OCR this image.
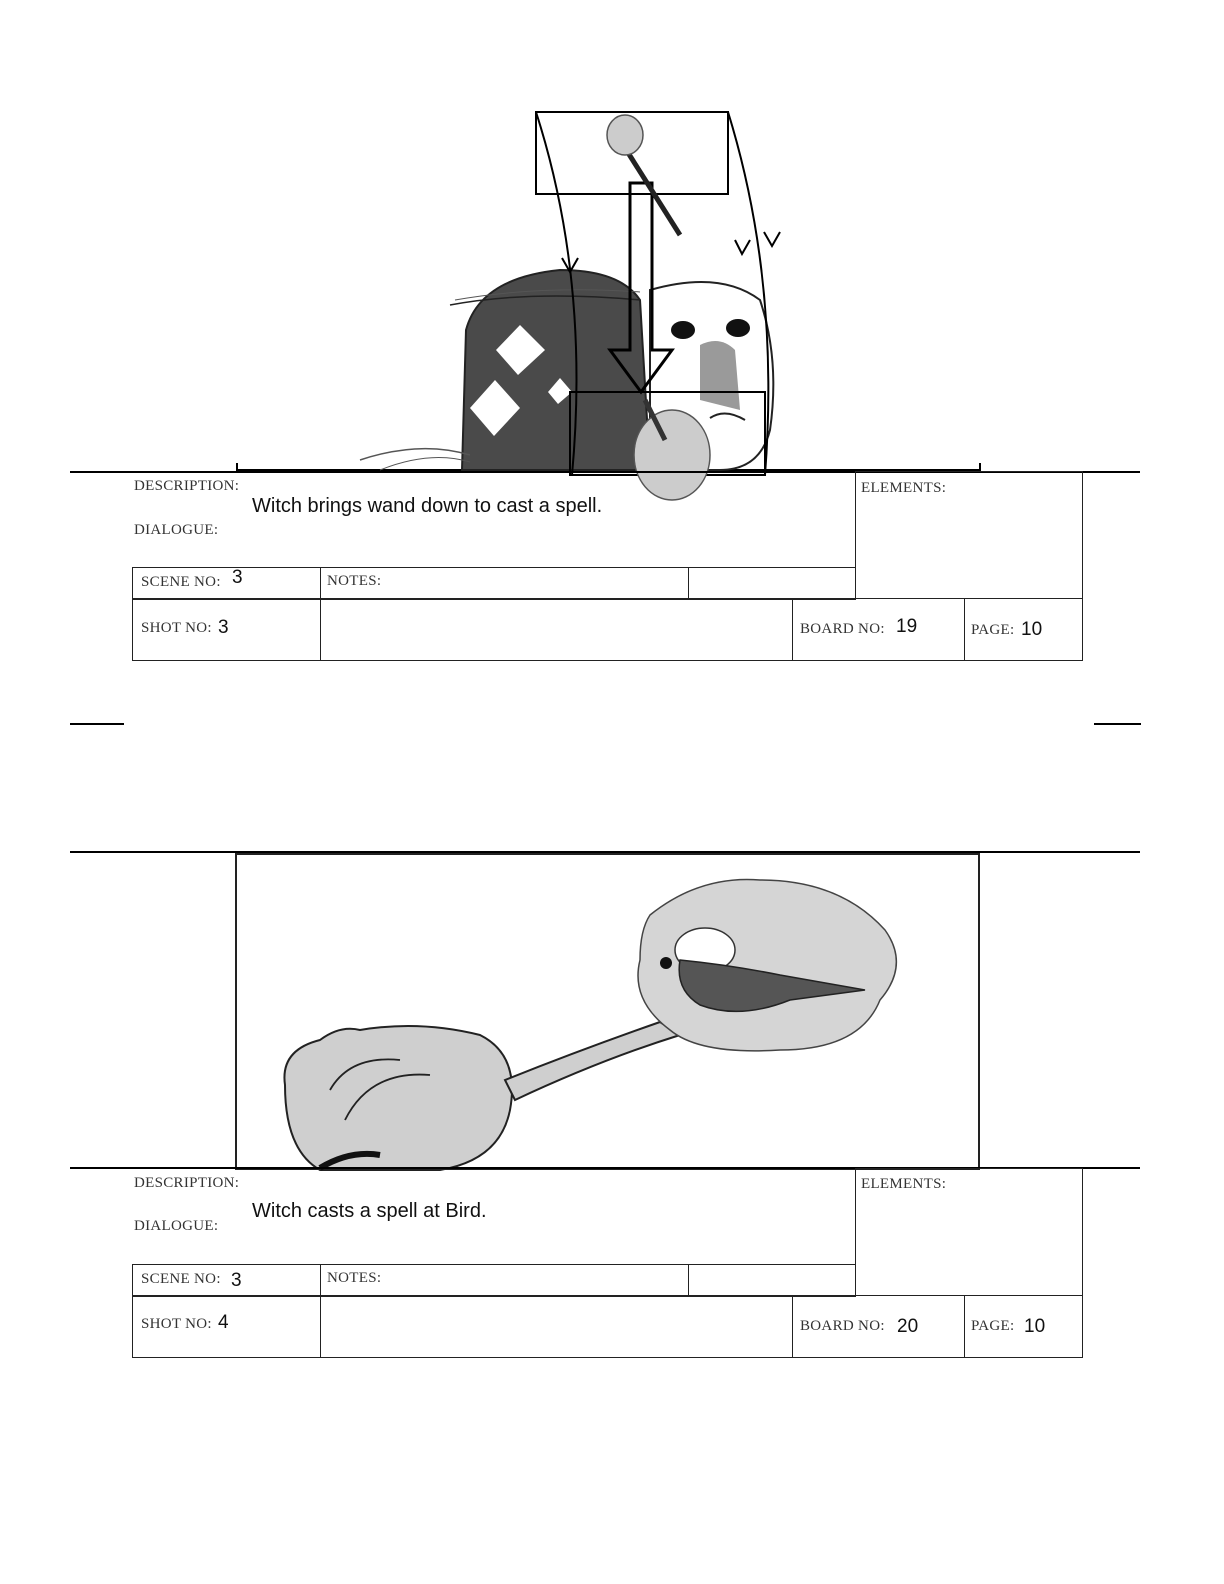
DESCRIPTION:
Witch brings wand down to cast a spell.
DIALOGUE:
ELEMENTS:
SCENE NO: 3	NOTES:
SHOT NO: 3	BOARD NO: 19	PAGE: 10
DESCRIPTION:
Witch casts a spell at Bird.
DIALOGUE:
ELEMENTS:
SCENE NO: 3	NOTES:
SHOT NO: 4	BOARD NO: 20	PAGE: 10
